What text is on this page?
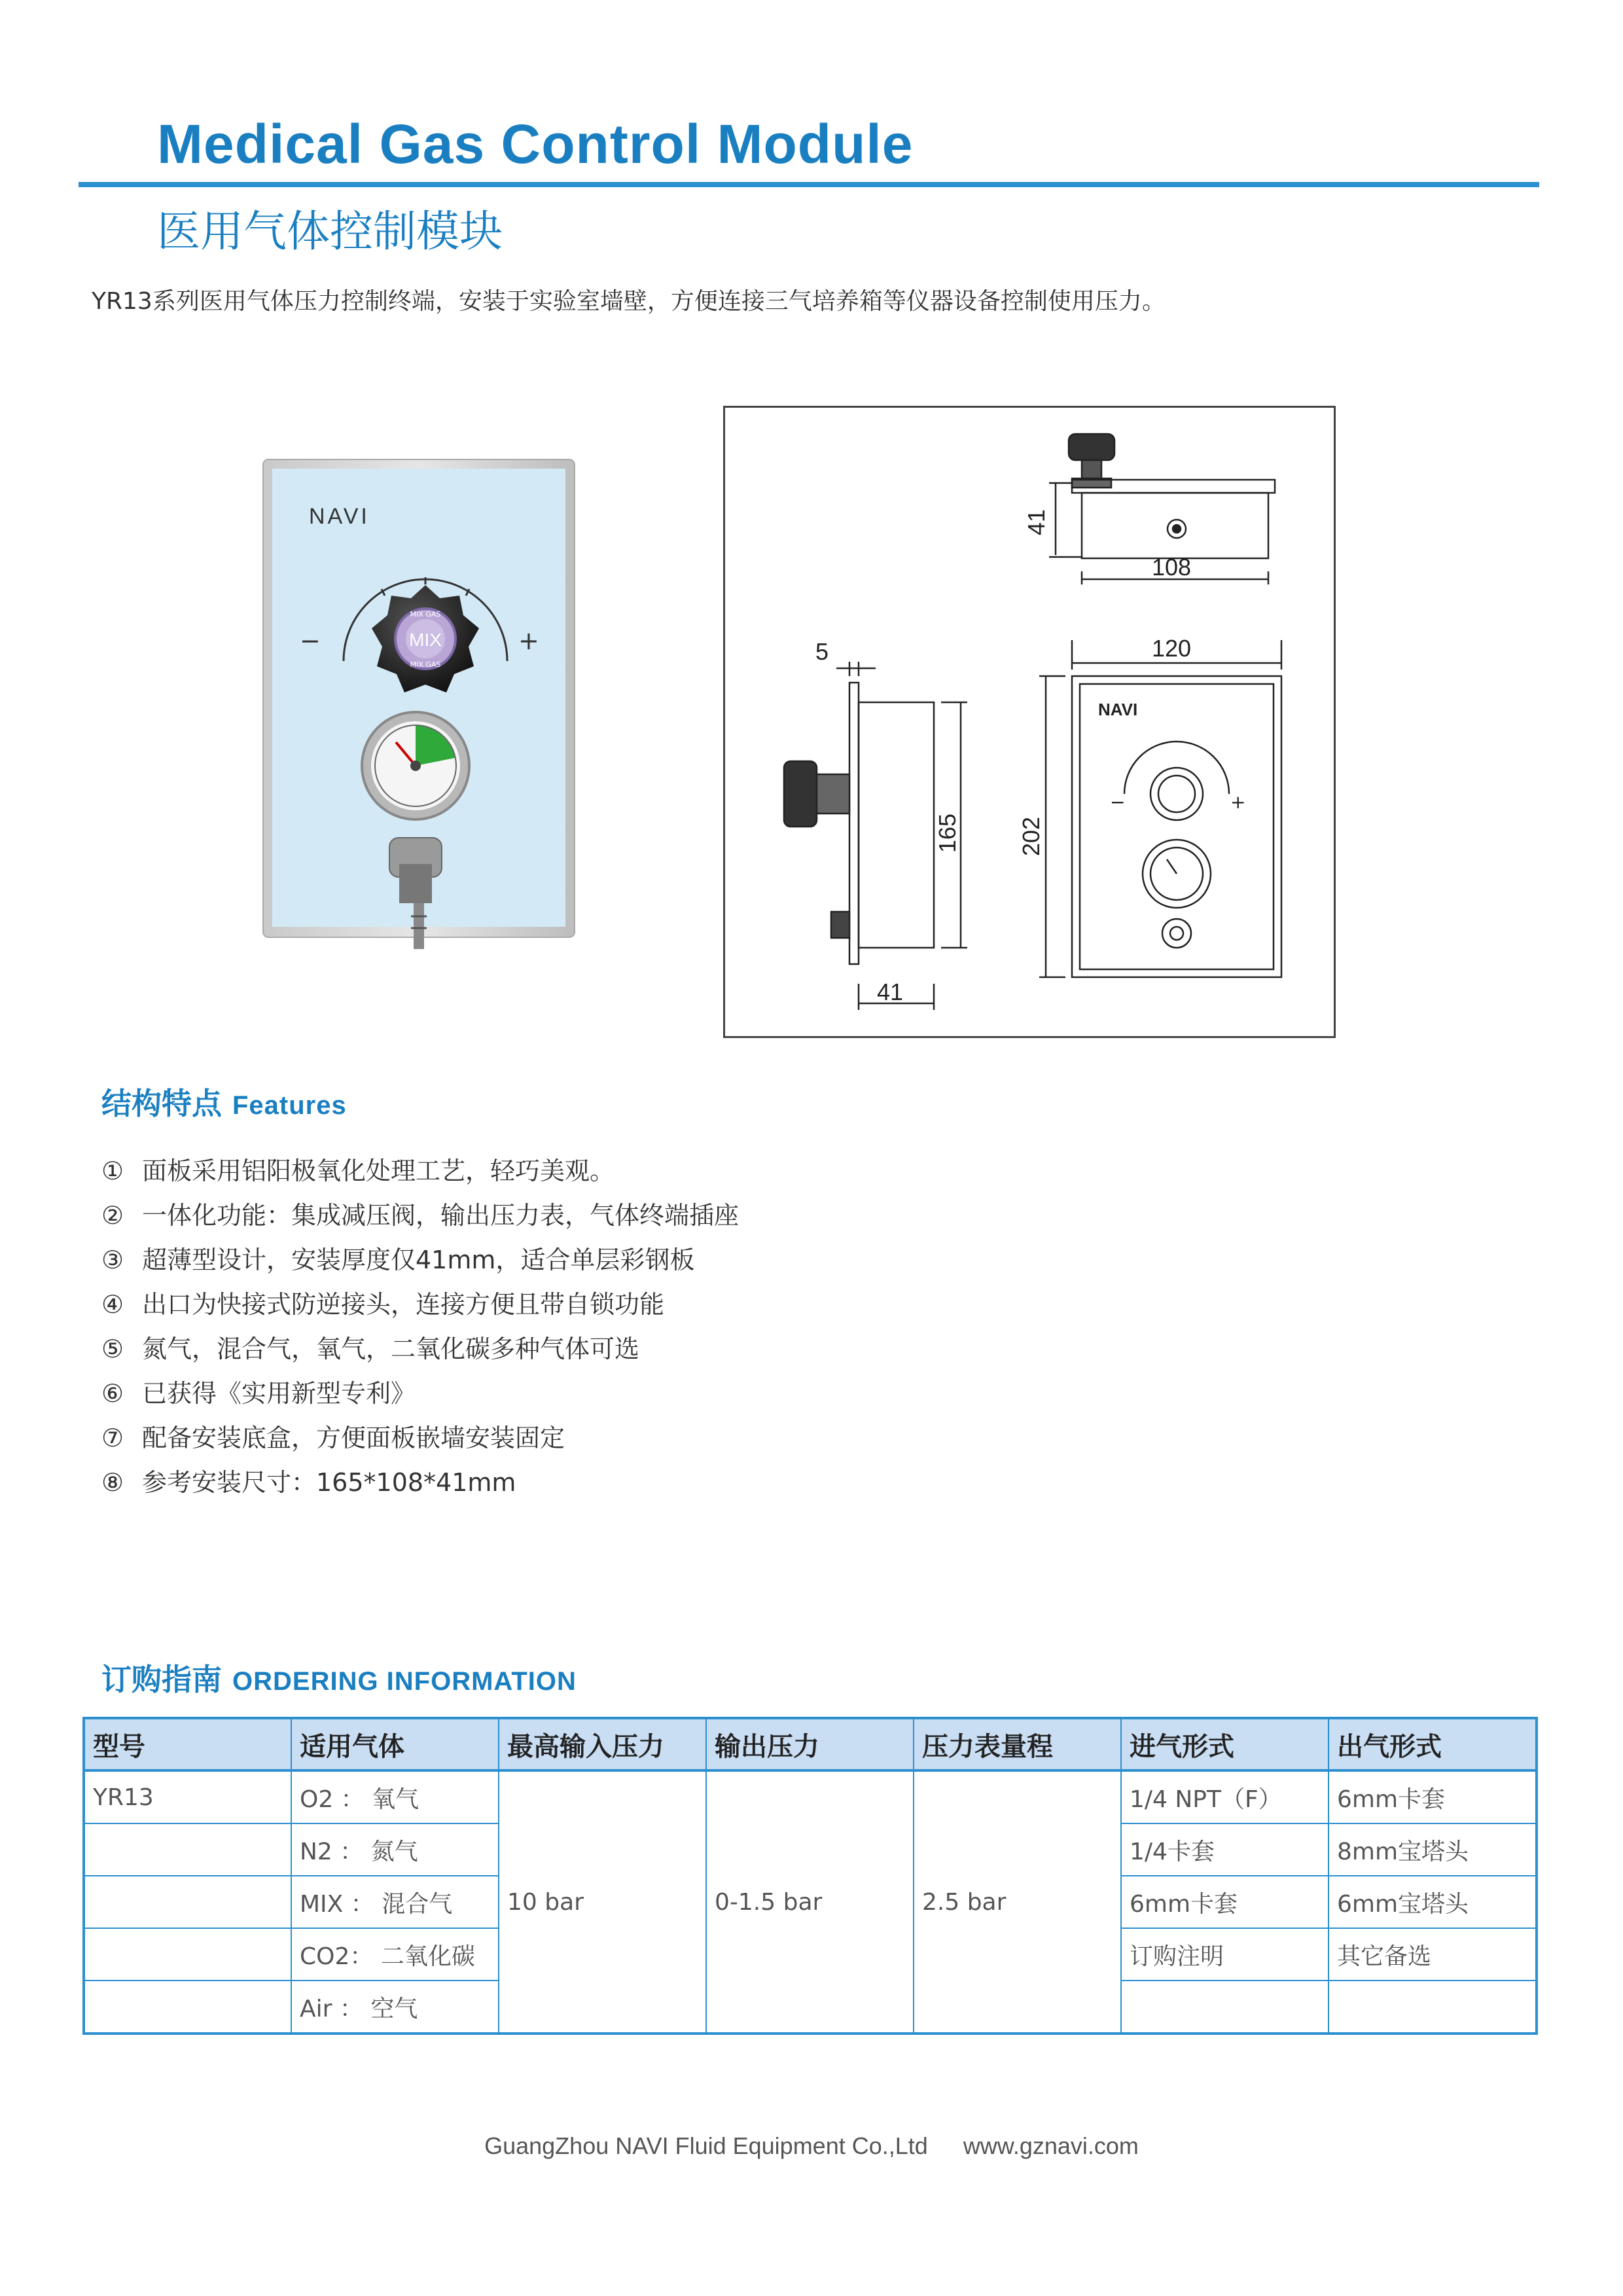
Medical Gas Control Module
医用气体控制模块
YR13系列医用气体压力控制终端，安装于实验室墙壁，方便连接三气培养箱等仪器设备控制使用压力。
NAVI
−	+
MIX
MIX GAS
MIX GAS
41
108
5
165
41
120
202
NAVI
−	+
结构特点 Features
① 面板采用铝阳极氧化处理工艺，轻巧美观。
② 一体化功能：集成减压阀，输出压力表，气体终端插座
③ 超薄型设计，安装厚度仅41mm，适合单层彩钢板
④ 出口为快接式防逆接头，连接方便且带自锁功能
⑤ 氮气，混合气，氧气，二氧化碳多种气体可选
⑥ 已获得《实用新型专利》
⑦ 配备安装底盒，方便面板嵌墙安装固定
⑧ 参考安装尺寸：165*108*41mm
订购指南 ORDERING INFORMATION
型号	适用气体	最高输入压力	输出压力	压力表量程	进气形式	出气形式
YR13	O2 ： 氧气	10 bar	0-1.5 bar	2.5 bar	1/4 NPT（F）	6mm卡套
	N2 ： 氮气				1/4卡套	8mm宝塔头
	MIX ： 混合气				6mm卡套	6mm宝塔头
	CO2： 二氧化碳				订购注明	其它备选
	Air ： 空气					
GuangZhou NAVI Fluid Equipment Co.,Ltd www.gznavi.com
